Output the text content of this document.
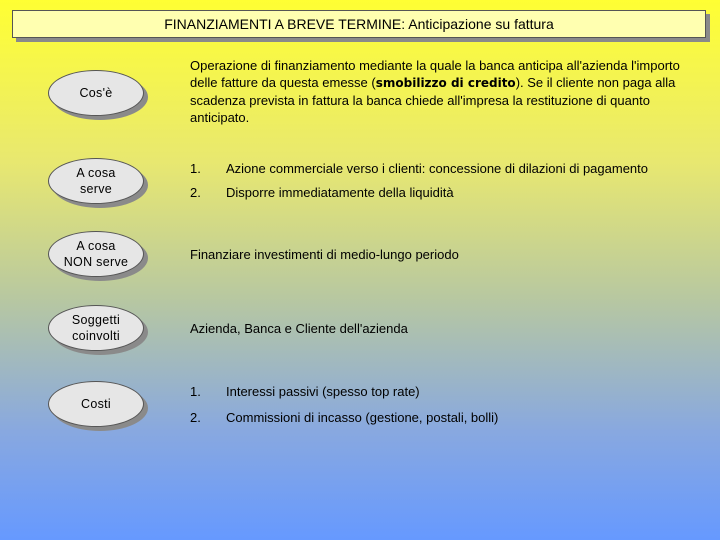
FINANZIAMENTI A BREVE TERMINE: Anticipazione su fattura
Cos'è

Operazione di finanziamento mediante la quale la banca anticipa all'azienda l'importo delle fatture da questa emesse (smobilizzo di credito). Se il cliente non paga alla scadenza prevista in fattura la banca chiede all'impresa la restituzione di quanto anticipato.

A cosa
serve
1.	Azione commerciale verso i clienti: concessione di dilazioni di pagamento
2.	Disporre immediatamente della liquidità
A cosa
NON serve	Finanziare investimenti di medio-lungo periodo
Soggetti
coinvolti	Azienda, Banca e Cliente dell'azienda
Costi
1.	Interessi passivi (spesso top rate)
2.	Commissioni di incasso (gestione, postali, bolli)
